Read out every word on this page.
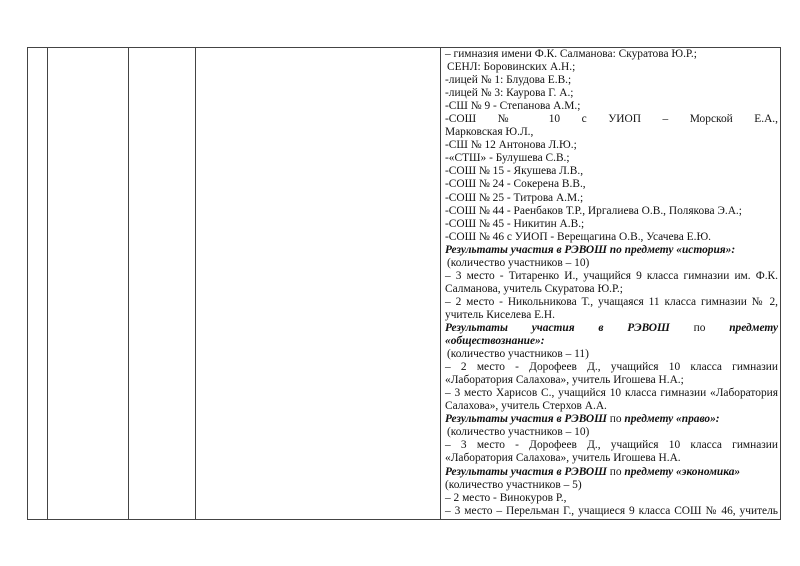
– гимназия имени Ф.К. Салманова: Скуратова Ю.Р.;
СЕНЛ: Боровинских А.Н.;
-лицей № 1: Блудова Е.В.;
-лицей № 3: Каурова Г. А.;
-СШ № 9 - Степанова А.М.;
-СОШ № 10 с УИОП – Морской Е.А.,
Марковская Ю.Л.,
-СШ № 12 Антонова Л.Ю.;
-«СТШ» - Булушева С.В.;
-СОШ № 15 - Якушева Л.В.,
-СОШ № 24 - Сокерена В.В.,
-СОШ № 25 - Титрова А.М.;
-СОШ № 44 - Раенбаков Т.Р., Иргалиева О.В., Полякова Э.А.;
-СОШ № 45 - Никитин А.В.;
-СОШ № 46 с УИОП - Верещагина О.В., Усачева Е.Ю.
Результаты участия в РЭВОШ по предмету «история»:
(количество участников – 10)
– 3 место - Титаренко И., учащийся 9 класса гимназии им. Ф.К.
Салманова, учитель Скуратова Ю.Р.;
– 2 место - Никольникова Т., учащаяся 11 класса гимназии № 2,
учитель Киселева Е.Н.
Результаты участия в РЭВОШ по предмету
«обществознание»:
(количество участников – 11)
– 2 место - Дорофеев Д., учащийся 10 класса гимназии
«Лаборатория Салахова», учитель Игошева Н.А.;
– 3 место Харисов С., учащийся 10 класса гимназии «Лаборатория
Салахова», учитель Стерхов А.А.
Результаты участия в РЭВОШ по предмету «право»:
(количество участников – 10)
– 3 место - Дорофеев Д., учащийся 10 класса гимназии
«Лаборатория Салахова», учитель Игошева Н.А.
Результаты участия в РЭВОШ по предмету «экономика»
(количество участников – 5)
– 2 место - Винокуров Р.,
– 3 место – Перельман Г., учащиеся 9 класса СОШ № 46, учитель
